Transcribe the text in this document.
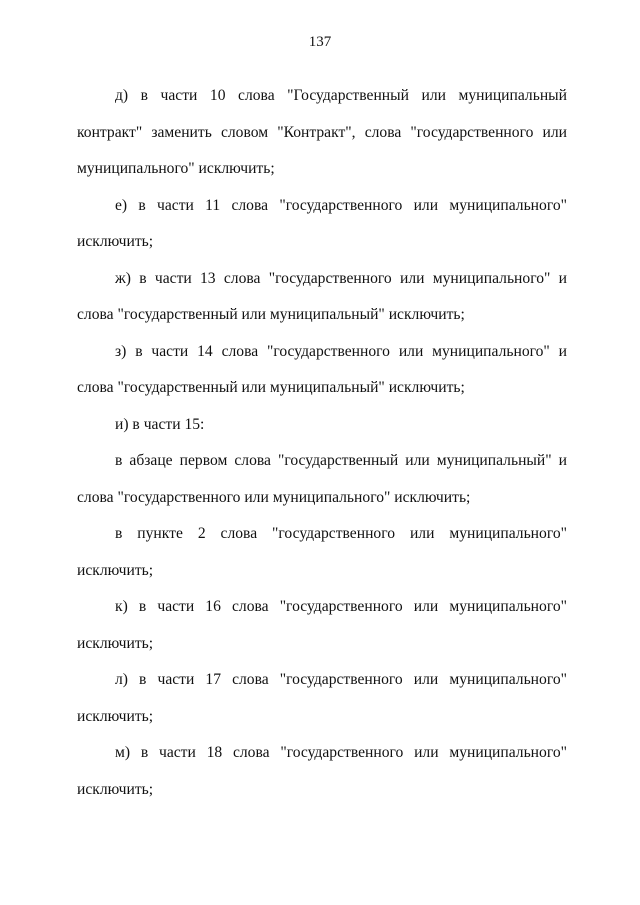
137
д) в части 10 слова "Государственный или муниципальный
контракт" заменить словом "Контракт", слова "государственного или
муниципального" исключить;
е) в части 11 слова "государственного или муниципального"
исключить;
ж) в части 13 слова "государственного или муниципального" и
слова "государственный или муниципальный" исключить;
з) в части 14 слова "государственного или муниципального" и
слова "государственный или муниципальный" исключить;
и) в части 15:
в абзаце первом слова "государственный или муниципальный" и
слова "государственного или муниципального" исключить;
в пункте 2 слова "государственного или муниципального"
исключить;
к) в части 16 слова "государственного или муниципального"
исключить;
л) в части 17 слова "государственного или муниципального"
исключить;
м) в части 18 слова "государственного или муниципального"
исключить;
